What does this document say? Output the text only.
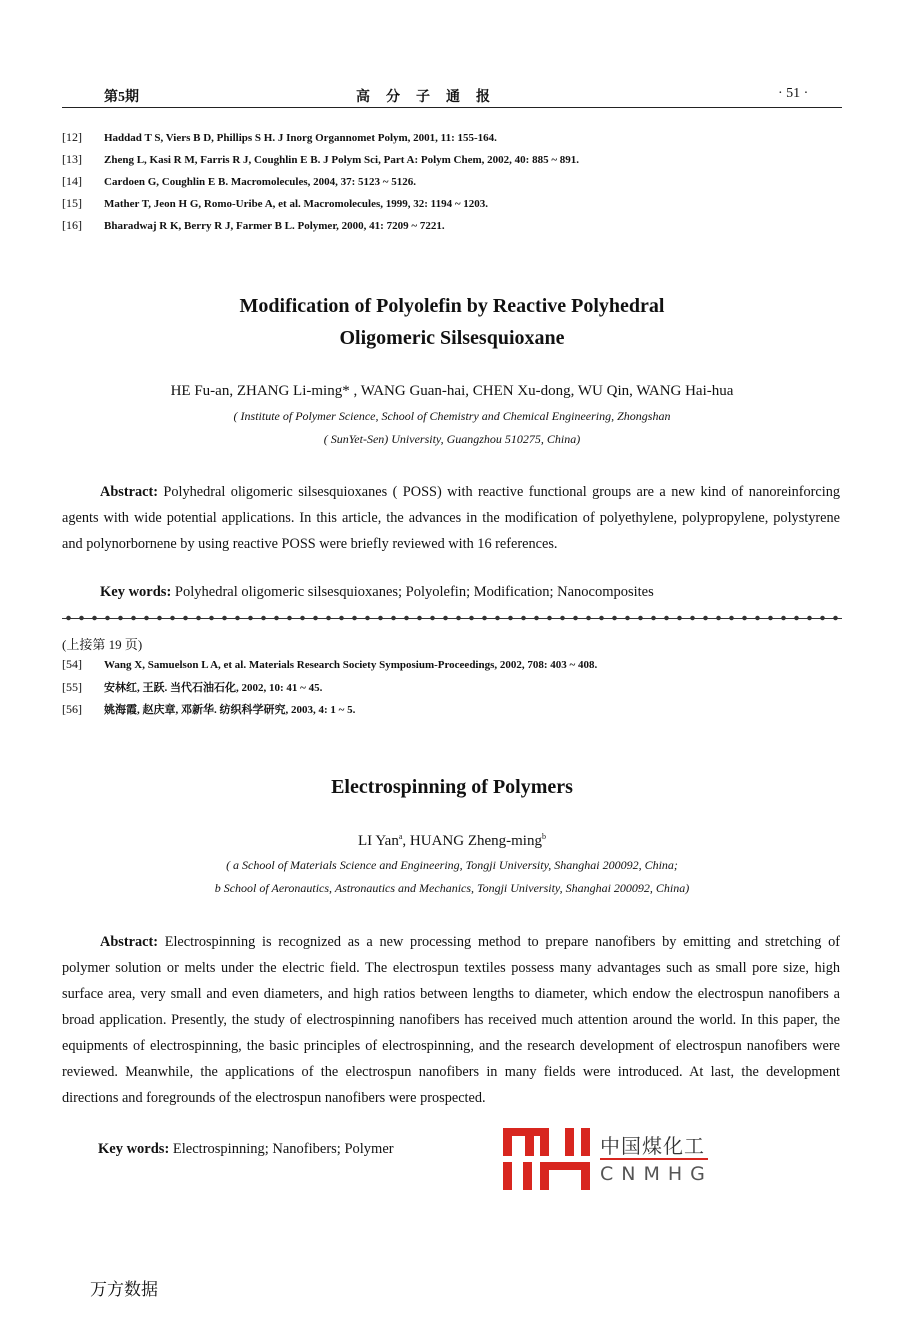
第5期	高　分　子　通　报	· 51 ·
[12] Haddad T S, Viers B D, Phillips S H. J Inorg Organnomet Polym, 2001, 11: 155-164.
[13] Zheng L, Kasi R M, Farris R J, Coughlin E B. J Polym Sci, Part A: Polym Chem, 2002, 40: 885 ~ 891.
[14] Cardoen G, Coughlin E B. Macromolecules, 2004, 37: 5123 ~ 5126.
[15] Mather T, Jeon H G, Romo-Uribe A, et al. Macromolecules, 1999, 32: 1194 ~ 1203.
[16] Bharadwaj R K, Berry R J, Farmer B L. Polymer, 2000, 41: 7209 ~ 7221.
Modification of Polyolefin by Reactive Polyhedral
Oligomeric Silsesquioxane
HE Fu-an, ZHANG Li-ming* , WANG Guan-hai, CHEN Xu-dong, WU Qin, WANG Hai-hua
( Institute of Polymer Science, School of Chemistry and Chemical Engineering, Zhongshan
( SunYet-Sen) University, Guangzhou 510275, China)
Abstract: Polyhedral oligomeric silsesquioxanes ( POSS) with reactive functional groups are a new kind of nanoreinforcing agents with wide potential applications. In this article, the advances in the modification of polyethylene, polypropylene, polystyrene and polynorbornene by using reactive POSS were briefly reviewed with 16 references.
Key words: Polyhedral oligomeric silsesquioxanes; Polyolefin; Modification; Nanocomposites
(上接第 19 页)
[54] Wang X, Samuelson L A, et al. Materials Research Society Symposium-Proceedings, 2002, 708: 403 ~ 408.
[55] 安林红, 王跃. 当代石油石化, 2002, 10: 41 ~ 45.
[56] 姚海霞, 赵庆章, 邓新华. 纺织科学研究, 2003, 4: 1 ~ 5.
Electrospinning of Polymers
LI Yan$^a$, HUANG Zheng-ming$^b$
( a School of Materials Science and Engineering, Tongji University, Shanghai 200092, China;
b School of Aeronautics, Astronautics and Mechanics, Tongji University, Shanghai 200092, China)
Abstract: Electrospinning is recognized as a new processing method to prepare nanofibers by emitting and stretching of polymer solution or melts under the electric field. The electrospun textiles possess many advantages such as small pore size, high surface area, very small and even diameters, and high ratios between lengths to diameter, which endow the electrospun nanofibers a broad application. Presently, the study of electrospinning nanofibers has received much attention around the world. In this paper, the equipments of electrospinning, the basic principles of electrospinning, and the research development of electrospun nanofibers were reviewed. Meanwhile, the applications of the electrospun nanofibers in many fields were introduced. At last, the development directions and foregrounds of the electrospun nanofibers were prospected.
Key words: Electrospinning; Nanofibers; Polymer	中国煤化工
CNMHG
万方数据
